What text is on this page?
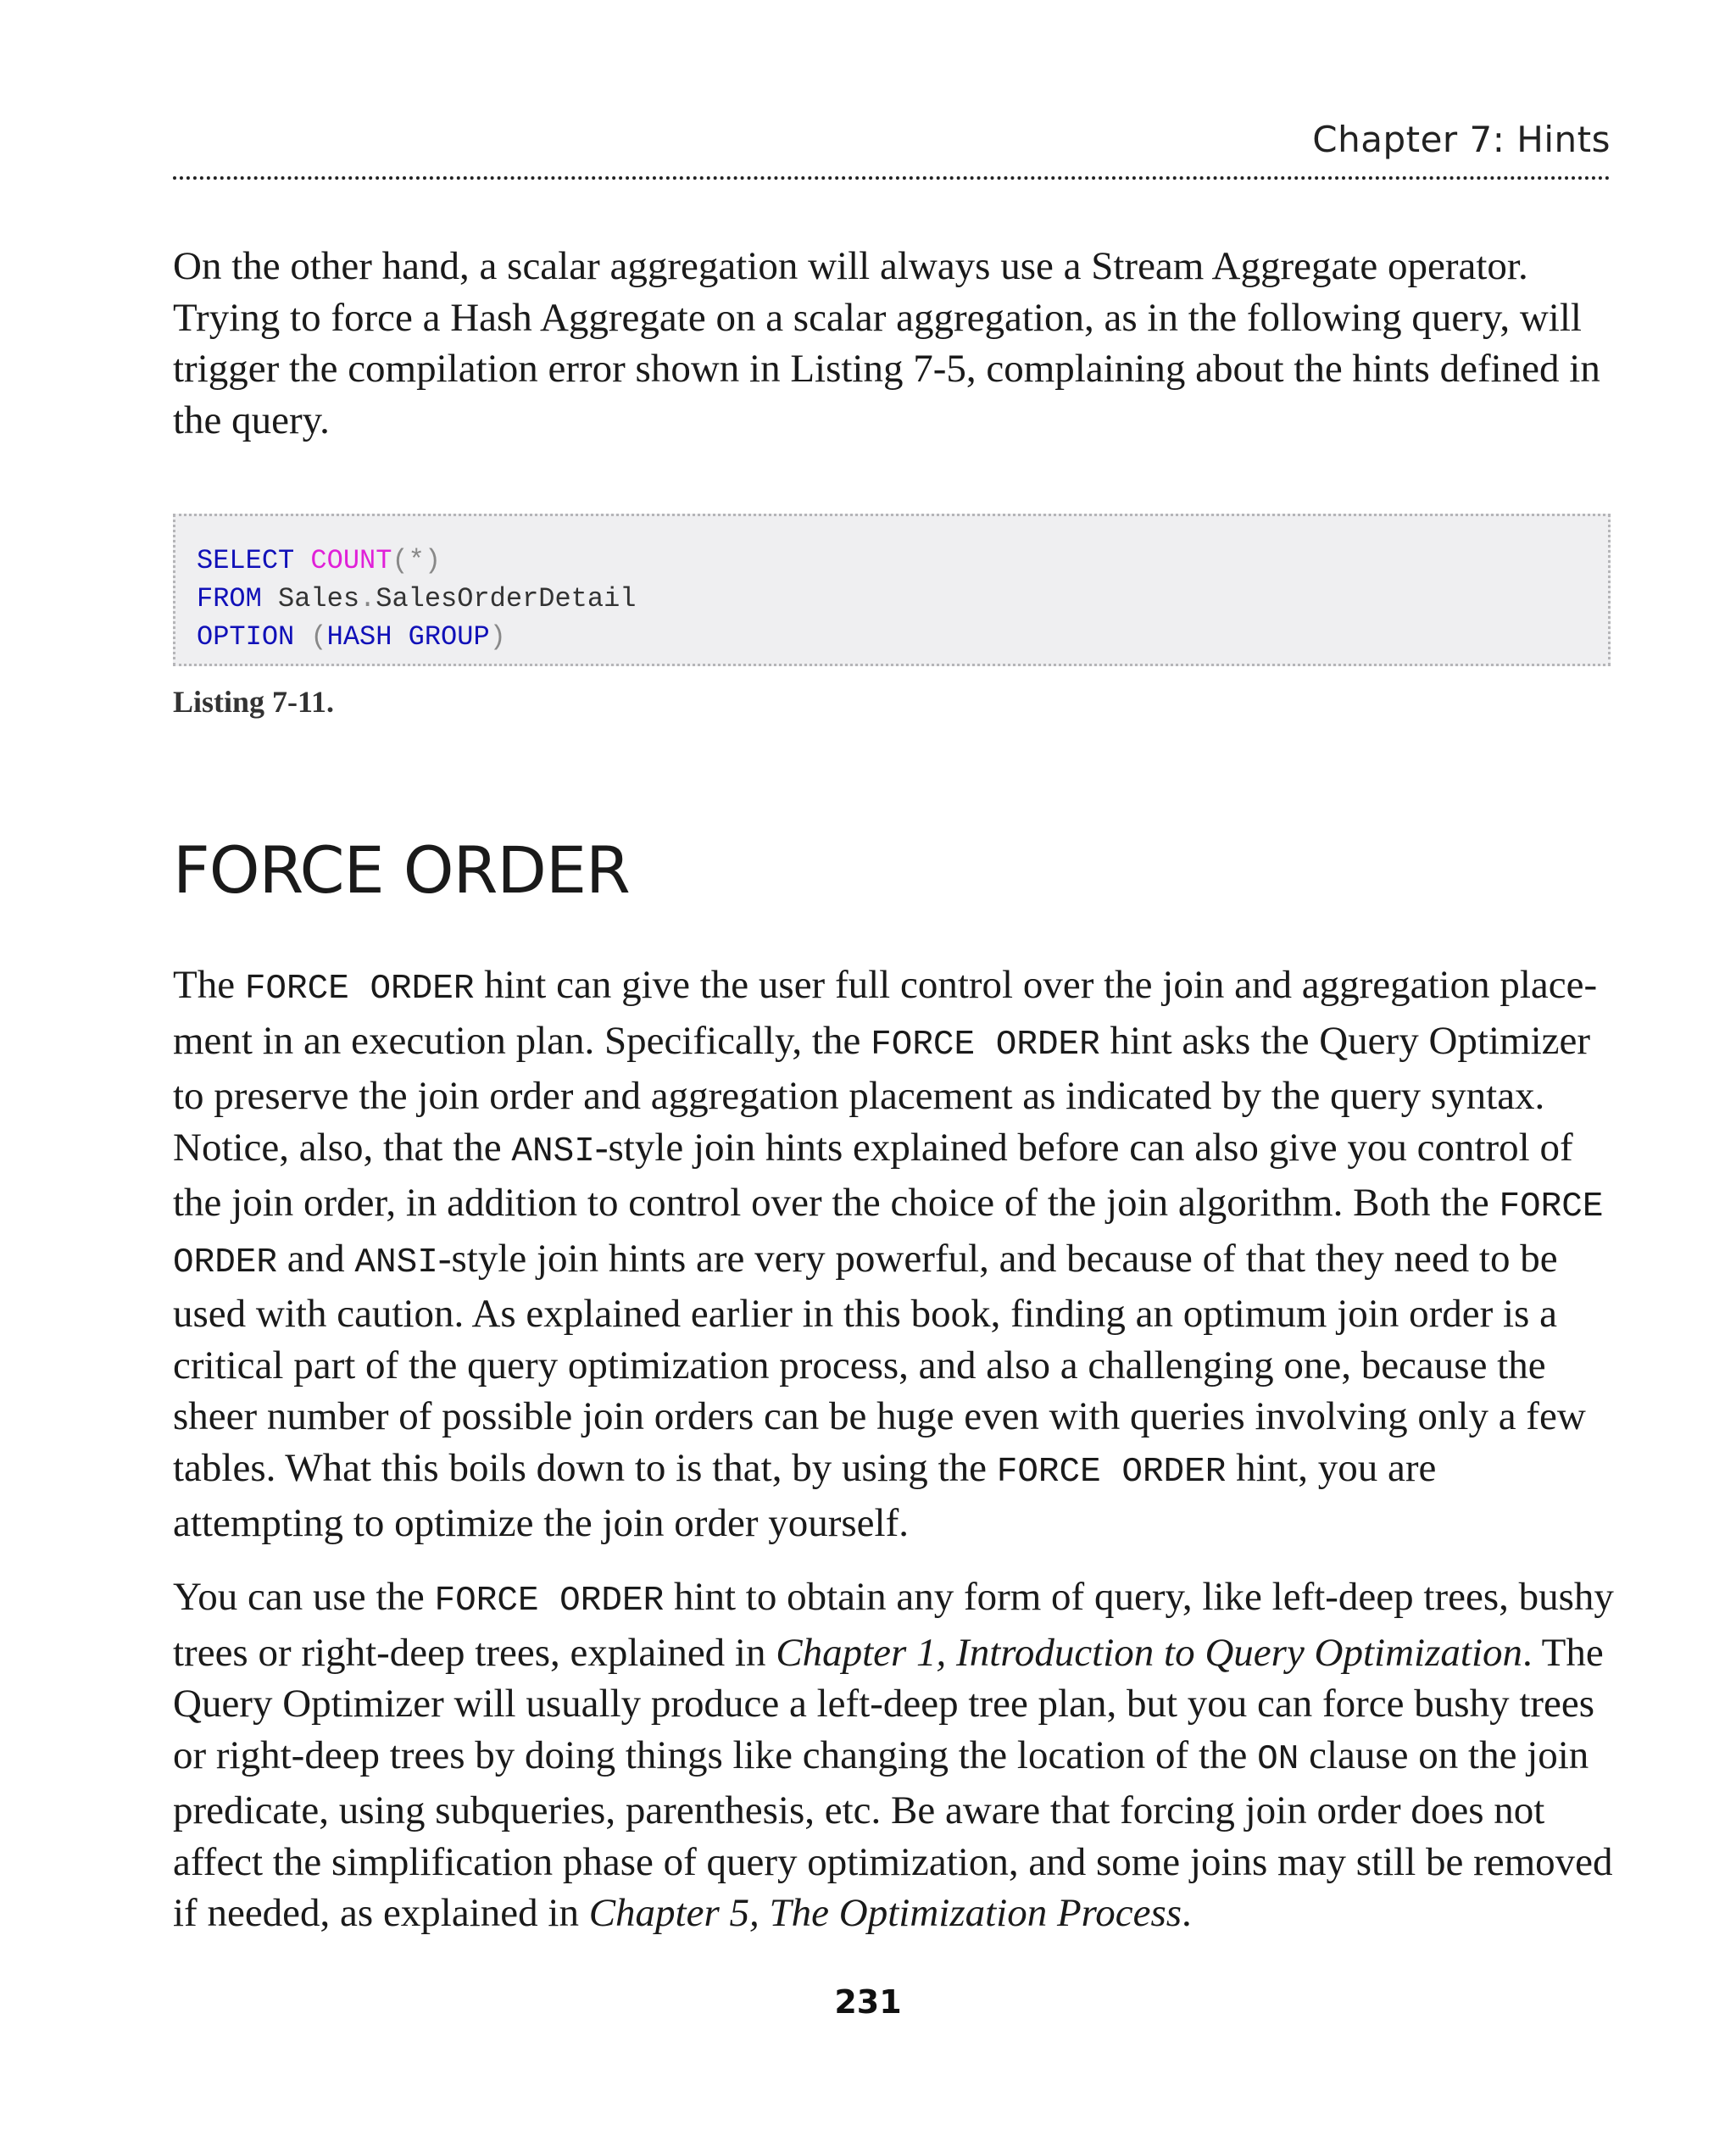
Chapter 7: Hints

On the other hand, a scalar aggregation will always use a Stream Aggregate operator. Trying to force a Hash Aggregate on a scalar aggregation, as in the following query, will trigger the compilation error shown in Listing 7-5, complaining about the hints defined in the query.

SELECT COUNT(*)
FROM Sales.SalesOrderDetail
OPTION (HASH GROUP)
Listing 7-11.
FORCE ORDER

The FORCE ORDER hint can give the user full control over the join and aggregation placement in an execution plan. Specifically, the FORCE ORDER hint asks the Query Optimizer to preserve the join order and aggregation placement as indicated by the query syntax. Notice, also, that the ANSI-style join hints explained before can also give you control of the join order, in addition to control over the choice of the join algorithm. Both the FORCE ORDER and ANSI-style join hints are very powerful, and because of that they need to be used with caution. As explained earlier in this book, finding an optimum join order is a critical part of the query optimization process, and also a challenging one, because the sheer number of possible join orders can be huge even with queries involving only a few tables. What this boils down to is that, by using the FORCE ORDER hint, you are attempting to optimize the join order yourself.

You can use the FORCE ORDER hint to obtain any form of query, like left-deep trees, bushy trees or right-deep trees, explained in Chapter 1, Introduction to Query Optimization. The Query Optimizer will usually produce a left-deep tree plan, but you can force bushy trees or right-deep trees by doing things like changing the location of the ON clause on the join predicate, using subqueries, parenthesis, etc. Be aware that forcing join order does not affect the simplification phase of query optimization, and some joins may still be removed if needed, as explained in Chapter 5, The Optimization Process.

231
